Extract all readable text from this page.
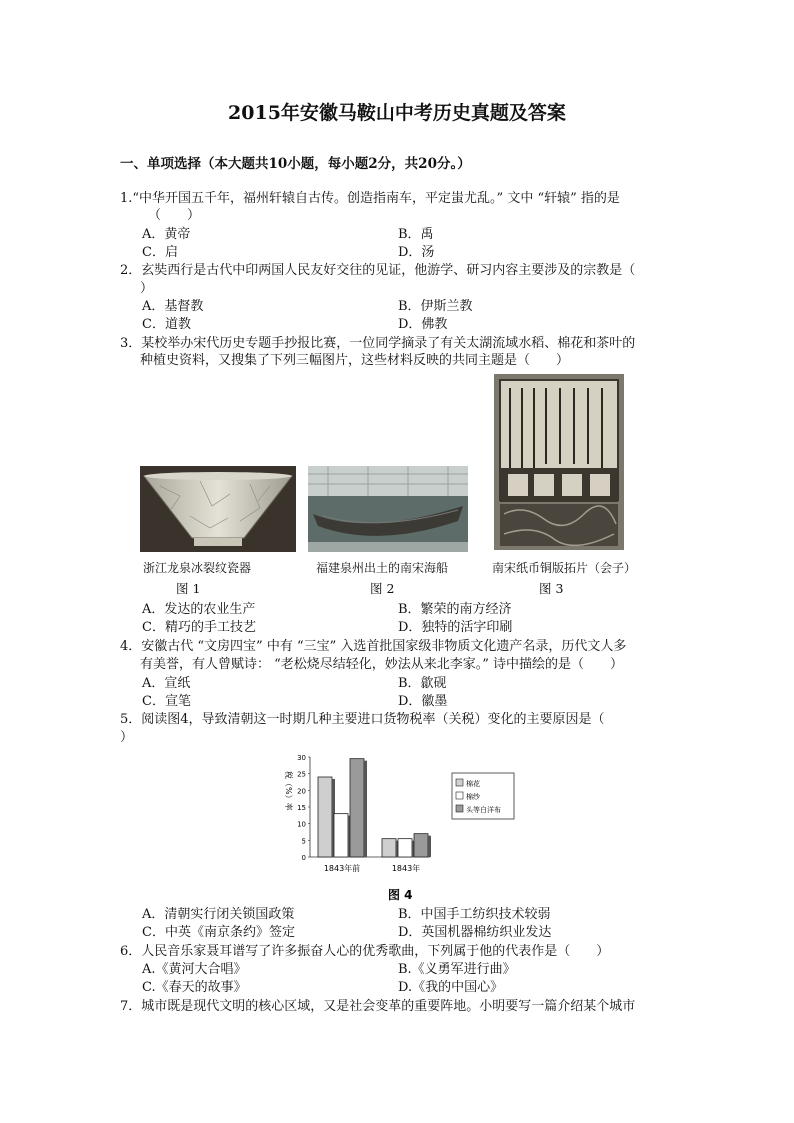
2015年安徽马鞍山中考历史真题及答案
一、单项选择（本大题共10小题，每小题2分，共20分。）
1.“中华开国五千年，福州轩辕自古传。创造指南车，平定蚩尤乱。” 文中 “轩辕” 指的是
（　　）
A．黄帝	B．禹
C．启	D．汤
2．玄奘西行是古代中印两国人民友好交往的见证，他游学、研习内容主要涉及的宗教是（
）
A．基督教	B．伊斯兰教
C．道教	D．佛教
3．某校举办宋代历史专题手抄报比赛，一位同学摘录了有关太湖流域水稻、棉花和茶叶的
种植史资料，又搜集了下列三幅图片，这些材料反映的共同主题是（　　）
浙江龙泉冰裂纹瓷器
图 1
福建泉州出土的南宋海船
图 2
南宋纸币铜版拓片（会子）
图 3
A．发达的农业生产	B．繁荣的南方经济
C．精巧的手工技艺	D．独特的活字印刷
4．安徽古代 “文房四宝” 中有 “三宝” 入选首批国家级非物质文化遗产名录，历代文人多
有美誉，有人曾赋诗： “老松烧尽结轻化，妙法从来北李家。” 诗中描绘的是（　　）
A．宣纸	B．歙砚
C．宣笔	D．徽墨
5．阅读图4，导致清朝这一时期几种主要进口货物税率（关税）变化的主要原因是（
）
税（%）率
0
5
10
15
20
25
30
1843年前	1843年
棉花
棉纱
头等白洋布
图 4
A．清朝实行闭关锁国政策	B．中国手工纺织技术较弱
C．中英《南京条约》签定	D．英国机器棉纺织业发达
6．人民音乐家聂耳谱写了许多振奋人心的优秀歌曲，下列属于他的代表作是（　　）
A.《黄河大合唱》	B.《义勇军进行曲》
C.《春天的故事》	D.《我的中国心》
7．城市既是现代文明的核心区域，又是社会变革的重要阵地。小明要写一篇介绍某个城市
